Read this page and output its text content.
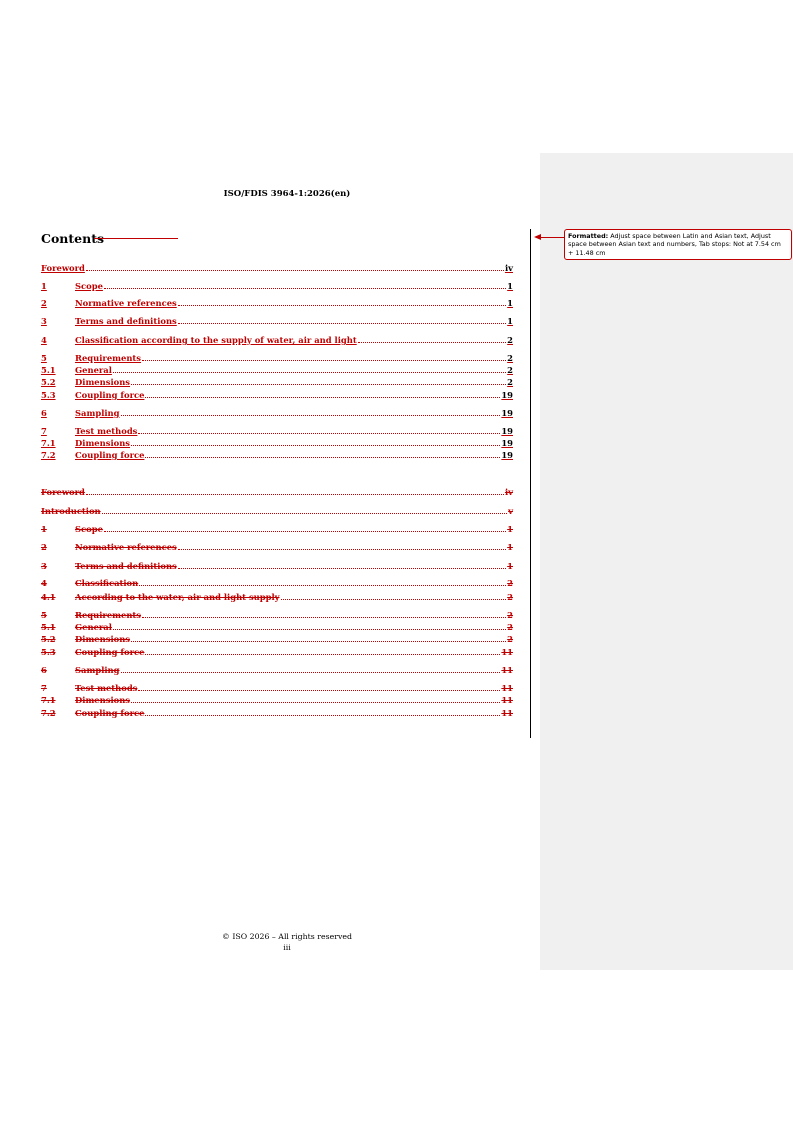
ISO/FDIS 3964-1:2026(en)
Contents	Formatted: Adjust space between Latin and Asian text, Adjust space between Asian text and numbers, Tab stops: Not at 7.54 cm + 11.48 cm
Foreword	iv
1	Scope	1
2	Normative references	1
3	Terms and definitions	1
4	Classification according to the supply of water, air and light	2
5	Requirements	2
5.1	General	2
5.2	Dimensions	2
5.3	Coupling force	19
6	Sampling	19
7	Test methods	19
7.1	Dimensions	19
7.2	Coupling force	19
Foreword	iv
Introduction	v
1	Scope	1
2	Normative references	1
3	Terms and definitions	1
4	Classification	2
4.1	According to the water, air and light supply	2
5	Requirements	2
5.1	General	2
5.2	Dimensions	2
5.3	Coupling force	11
6	Sampling	11
7	Test methods	11
7.1	Dimensions	11
7.2	Coupling force	11
© ISO 2026 – All rights reserved
iii
